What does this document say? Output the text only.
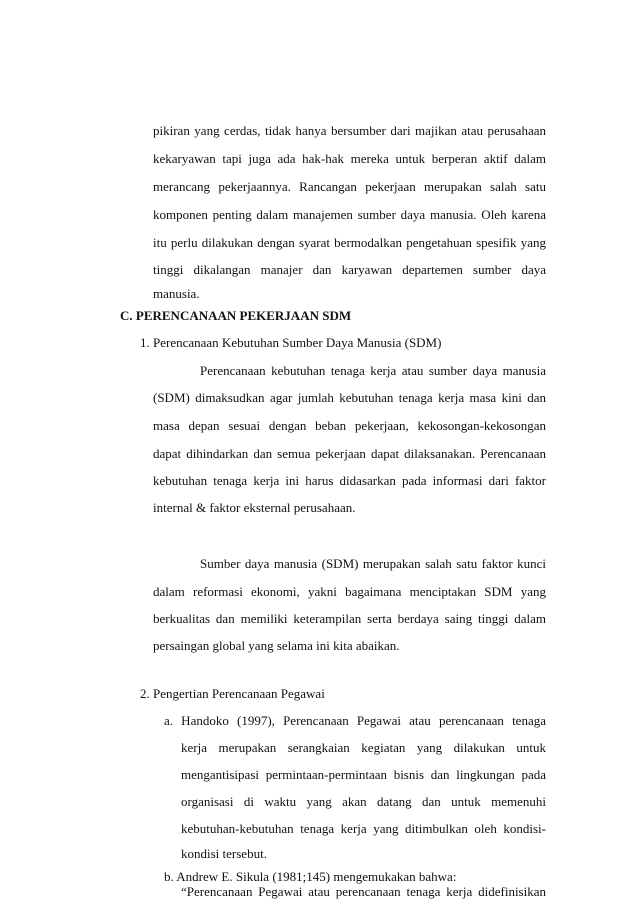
pikiran yang cerdas, tidak hanya bersumber dari majikan atau perusahaan
kekaryawan tapi juga ada hak-hak mereka untuk berperan aktif dalam
merancang pekerjaannya. Rancangan pekerjaan merupakan salah satu
komponen penting dalam manajemen sumber daya manusia. Oleh karena
itu perlu dilakukan dengan syarat bermodalkan pengetahuan spesifik yang
tinggi dikalangan manajer dan karyawan departemen sumber daya
manusia.
C. PERENCANAAN PEKERJAAN SDM
1. Perencanaan Kebutuhan Sumber Daya Manusia (SDM)
Perencanaan kebutuhan tenaga kerja atau sumber daya manusia
(SDM) dimaksudkan agar jumlah kebutuhan tenaga kerja masa kini dan
masa depan sesuai dengan beban pekerjaan, kekosongan-kekosongan
dapat dihindarkan dan semua pekerjaan dapat dilaksanakan. Perencanaan
kebutuhan tenaga kerja ini harus didasarkan pada informasi dari faktor
internal & faktor eksternal perusahaan.
Sumber daya manusia (SDM) merupakan salah satu faktor kunci
dalam reformasi ekonomi, yakni bagaimana menciptakan SDM yang
berkualitas dan memiliki keterampilan serta berdaya saing tinggi dalam
persaingan global yang selama ini kita abaikan.
2. Pengertian Perencanaan Pegawai
a. Handoko (1997), Perencanaan Pegawai atau perencanaan tenaga
kerja merupakan serangkaian kegiatan yang dilakukan untuk
mengantisipasi permintaan-permintaan bisnis dan lingkungan pada
organisasi di waktu yang akan datang dan untuk memenuhi
kebutuhan-kebutuhan tenaga kerja yang ditimbulkan oleh kondisi-
kondisi tersebut.
b. Andrew E. Sikula (1981;145) mengemukakan bahwa:
“Perencanaan Pegawai atau perencanaan tenaga kerja didefinisikan
